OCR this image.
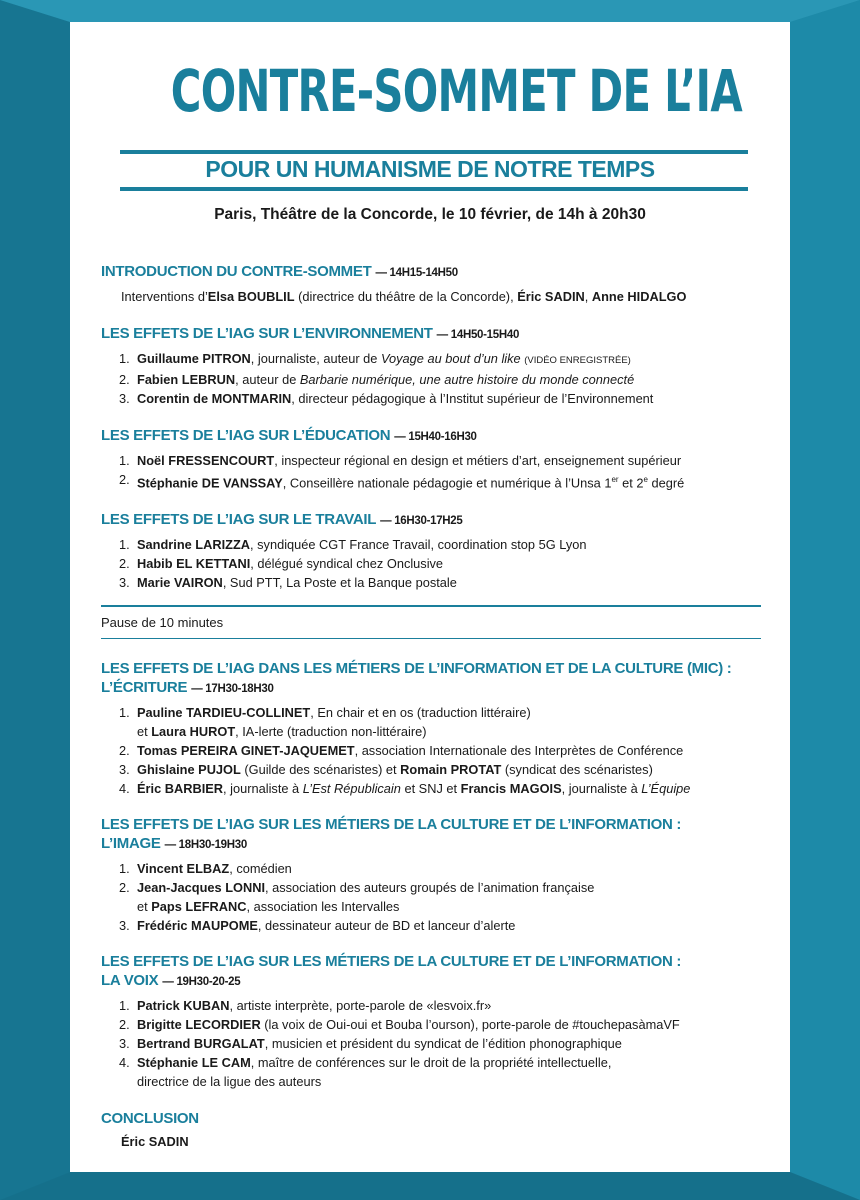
CONTRE-SOMMET DE L’IA
POUR UN HUMANISME DE NOTRE TEMPS
Paris, Théâtre de la Concorde, le 10 février, de 14h à 20h30
INTRODUCTION DU CONTRE-SOMMET — 14H15-14H50
Interventions d’Elsa BOUBLIL (directrice du théâtre de la Concorde), Éric SADIN, Anne HIDALGO
LES EFFETS DE L’IAG SUR L’ENVIRONNEMENT — 14H50-15H40
1. Guillaume PITRON, journaliste, auteur de Voyage au bout d’un like (VIDÉO ENREGISTRÉE)
2. Fabien LEBRUN, auteur de Barbarie numérique, une autre histoire du monde connecté
3. Corentin de MONTMARIN, directeur pédagogique à l’Institut supérieur de l’Environnement
LES EFFETS DE L’IAG SUR L’ÉDUCATION — 15H40-16H30
1. Noël FRESSENCOURT, inspecteur régional en design et métiers d’art, enseignement supérieur
2. Stéphanie DE VANSSAY, Conseillère nationale pédagogie et numérique à l’Unsa 1er et 2e degré
LES EFFETS DE L’IAG SUR LE TRAVAIL — 16H30-17H25
1. Sandrine LARIZZA, syndiquée CGT France Travail, coordination stop 5G Lyon
2. Habib EL KETTANI, délégué syndical chez Onclusive
3. Marie VAIRON, Sud PTT, La Poste et la Banque postale
Pause de 10 minutes
LES EFFETS DE L’IAG DANS LES MÉTIERS DE L’INFORMATION ET DE LA CULTURE (MIC) :
L’ÉCRITURE — 17H30-18H30
1. Pauline TARDIEU-COLLINET, En chair et en os (traduction littéraire)
et Laura HUROT, IA-lerte (traduction non-littéraire)
2. Tomas PEREIRA GINET-JAQUEMET, association Internationale des Interprètes de Conférence
3. Ghislaine PUJOL (Guilde des scénaristes) et Romain PROTAT (syndicat des scénaristes)
4. Éric BARBIER, journaliste à L’Est Républicain et SNJ et Francis MAGOIS, journaliste à L’Équipe
LES EFFETS DE L’IAG SUR LES MÉTIERS DE LA CULTURE ET DE L’INFORMATION :
L’IMAGE — 18H30-19H30
1. Vincent ELBAZ, comédien
2. Jean-Jacques LONNI, association des auteurs groupés de l’animation française
et Paps LEFRANC, association les Intervalles
3. Frédéric MAUPOME, dessinateur auteur de BD et lanceur d’alerte
LES EFFETS DE L’IAG SUR LES MÉTIERS DE LA CULTURE ET DE L’INFORMATION :
LA VOIX — 19H30-20-25
1. Patrick KUBAN, artiste interprète, porte-parole de «lesvoix.fr»
2. Brigitte LECORDIER (la voix de Oui-oui et Bouba l’ourson), porte-parole de #touchepasàmaVF
3. Bertrand BURGALAT, musicien et président du syndicat de l’édition phonographique
4. Stéphanie LE CAM, maître de conférences sur le droit de la propriété intellectuelle,
directrice de la ligue des auteurs
CONCLUSION
Éric SADIN
